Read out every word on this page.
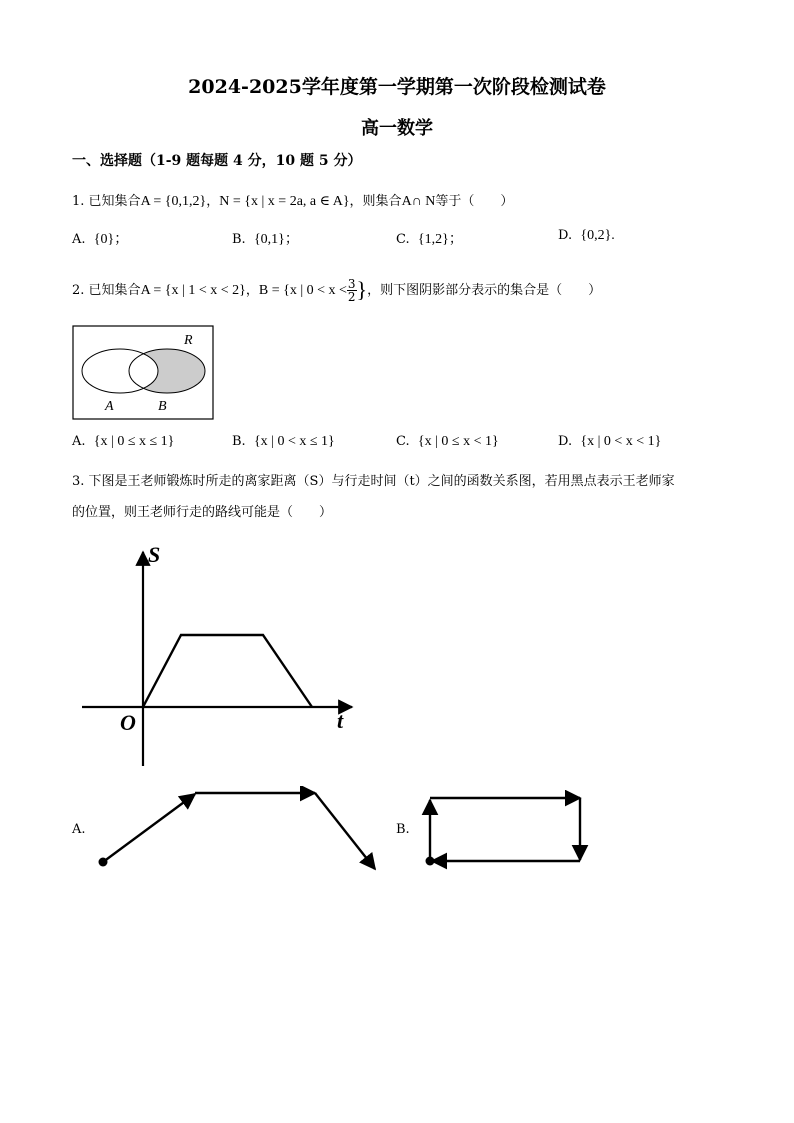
2024-2025学年度第一学期第一次阶段检测试卷
高一数学
一、选择题（1-9 题每题 4 分，10 题 5 分）
1. 已知集合A = {0,1,2}，N = {x | x = 2a, a ∈ A}，则集合A∩ N等于（　　）
A. {0}；	B. {0,1}；	C. {1,2}；	D. {0,2}.
2. 已知集合A = {x | 1 < x < 2}，B = {x | $0 < x < \frac{3}{2}$ }，则下图阴影部分表示的集合是（　　）
R
A	B
A. {x | 0 ≤ x ≤ 1}	B. {x | 0 < x ≤ 1}	C. {x | 0 ≤ x < 1}	D. {x | 0 < x < 1}
3. 下图是王老师锻炼时所走的离家距离（S）与行走时间（t）之间的函数关系图，若用黑点表示王老师家
的位置，则王老师行走的路线可能是（　　）
S
t
O
A.	B.
